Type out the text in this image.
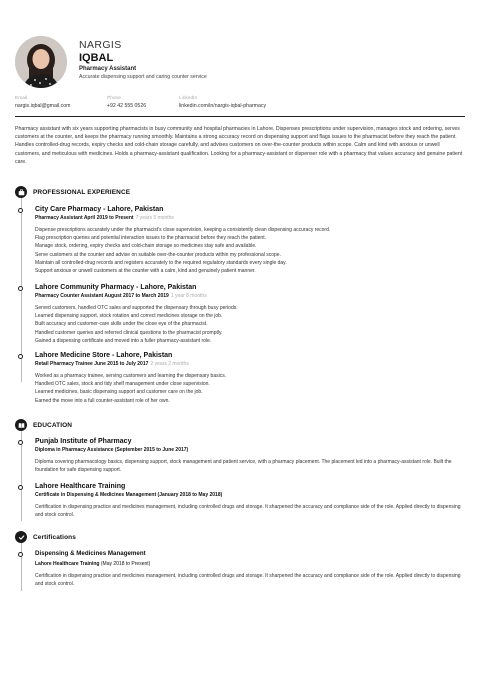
NARGIS
IQBAL
Pharmacy Assistant
Accurate dispensing support and caring counter service
Email
nargis.iqbal@gmail.com
Phone
+92 42 555 0526
LinkedIn
linkedin.com/in/nargis-iqbal-pharmacy
Pharmacy assistant with six years supporting pharmacists in busy community and hospital pharmacies in Lahore. Dispenses prescriptions under supervision, manages stock and ordering, serves customers at the counter, and keeps the pharmacy running smoothly. Maintains a strong accuracy record on dispensing support and flags issues to the pharmacist before they reach the patient. Handles controlled-drug records, expiry checks and cold-chain storage carefully, and advises customers on over-the-counter products within scope. Calm and kind with anxious or unwell customers, and meticulous with medicines. Holds a pharmacy-assistant qualification. Looking for a pharmacy-assistant or dispenser role with a pharmacy that values accuracy and genuine patient care.
PROFESSIONAL EXPERIENCE
City Care Pharmacy - Lahore, Pakistan
Pharmacy Assistant April 2019 to Present 7 years 5 months
Dispense prescriptions accurately under the pharmacist's close supervision, keeping a consistently clean dispensing accuracy record.
Flag prescription queries and potential interaction issues to the pharmacist before they reach the patient.
Manage stock, ordering, expiry checks and cold-chain storage so medicines stay safe and available.
Serve customers at the counter and advise on suitable over-the-counter products within my professional scope.
Maintain all controlled-drug records and registers accurately to the required regulatory standards every single day.
Support anxious or unwell customers at the counter with a calm, kind and genuinely patient manner.
Lahore Community Pharmacy - Lahore, Pakistan
Pharmacy Counter Assistant August 2017 to March 2019 1 year 8 months
Served customers, handled OTC sales and supported the dispensary through busy periods.
Learned dispensing support, stock rotation and correct medicines storage on the job.
Built accuracy and customer-care skills under the close eye of the pharmacist.
Handled customer queries and referred clinical questions to the pharmacist promptly.
Gained a dispensing certificate and moved into a fuller pharmacy-assistant role.
Lahore Medicine Store - Lahore, Pakistan
Retail Pharmacy Trainee June 2015 to July 2017 2 years 2 months
Worked as a pharmacy trainee, serving customers and learning the dispensary basics.
Handled OTC sales, stock and tidy shelf management under close supervision.
Learned medicines, basic dispensing support and customer care on the job.
Earned the move into a full counter-assistant role of her own.
EDUCATION
Punjab Institute of Pharmacy
Diploma in Pharmacy Assistance (September 2015 to June 2017)
Diploma covering pharmacology basics, dispensing support, stock management and patient service, with a pharmacy placement. The placement led into a pharmacy-assistant role. Built the foundation for safe dispensing support.
Lahore Healthcare Training
Certificate in Dispensing & Medicines Management (January 2018 to May 2018)
Certification in dispensing practice and medicines management, including controlled drugs and storage. It sharpened the accuracy and compliance side of the role. Applied directly to dispensing and stock control.
Certifications
Dispensing & Medicines Management
Lahore Healthcare Training (May 2018 to Present)
Certification in dispensing practice and medicines management, including controlled drugs and storage. It sharpened the accuracy and compliance side of the role. Applied directly to dispensing and stock control.
